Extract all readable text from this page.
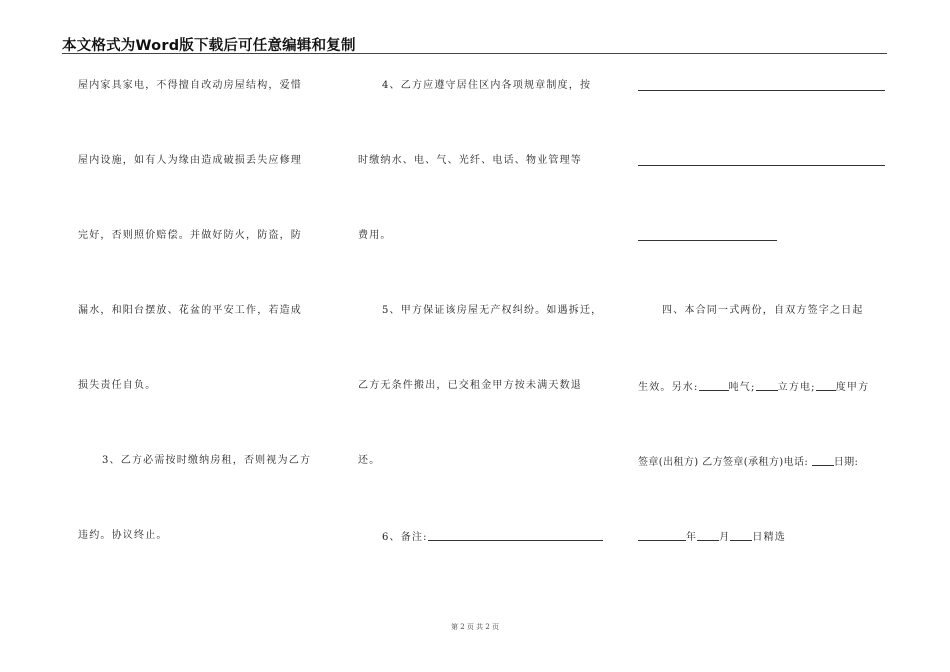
本文格式为Word版下载后可任意编辑和复制
屋内家具家电，不得擅自改动房屋结构，爱惜
屋内设施，如有人为缘由造成破损丢失应修理
完好，否则照价赔偿。并做好防火，防盗，防
漏水，和阳台摆放、花盆的平安工作，若造成
损失责任自负。
3、乙方必需按时缴纳房租，否则视为乙方
违约。协议终止。
4、乙方应遵守居住区内各项规章制度，按
时缴纳水、电、气、光纤、电话、物业管理等
费用。
5、甲方保证该房屋无产权纠纷。如遇拆迁，
乙方无条件搬出，已交租金甲方按未满天数退
还。
6、备注:
四、本合同一式两份，自双方签字之日起
生效。另水:	吨气; 立方电; 度甲方
签章(出租方) 乙方签章(承租方)电话:	日期:
年 月 日精选
第 2 页 共 2 页
